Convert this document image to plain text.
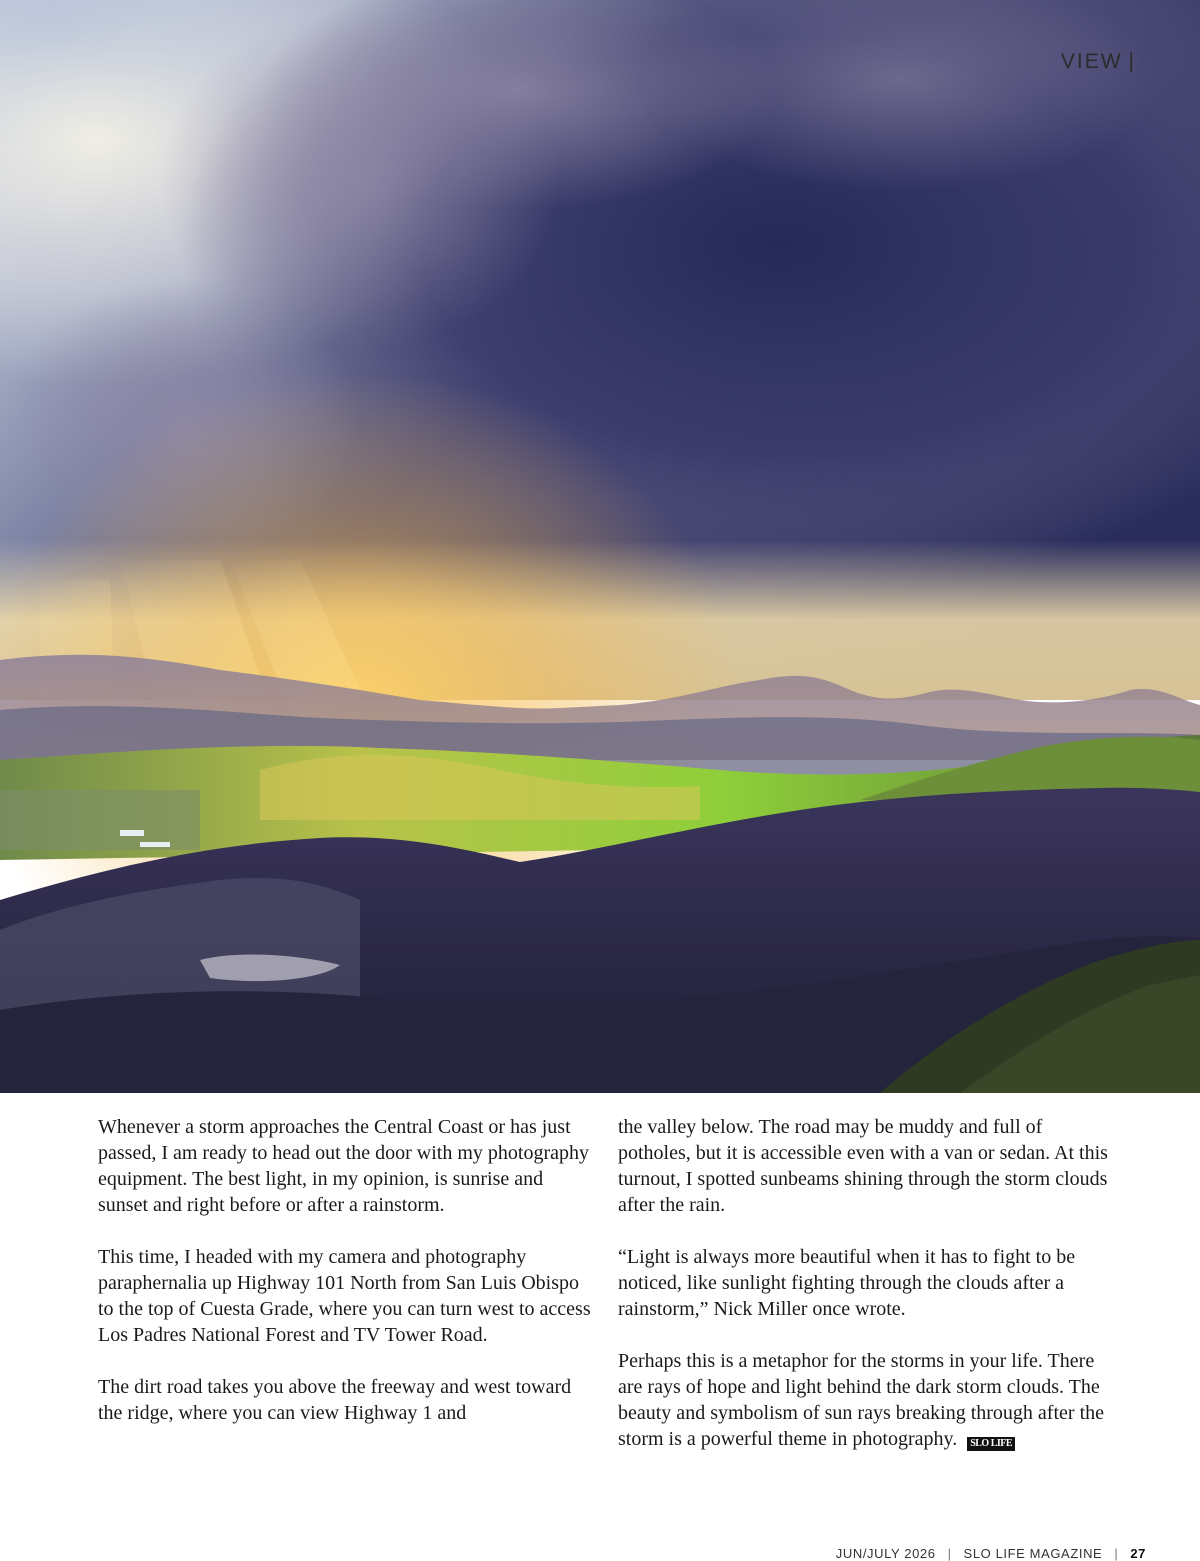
VIEW |

Whenever a storm approaches the Central Coast or has just passed, I am ready to head out the door with my photography equipment. The best light, in my opinion, is sunrise and sunset and right before or after a rainstorm.

This time, I headed with my camera and photography paraphernalia up Highway 101 North from San Luis Obispo to the top of Cuesta Grade, where you can turn west to access Los Padres National Forest and TV Tower Road.

The dirt road takes you above the freeway and west toward the ridge, where you can view Highway 1 and

the valley below. The road may be muddy and full of potholes, but it is accessible even with a van or sedan. At this turnout, I spotted sunbeams shining through the storm clouds after the rain.

“Light is always more beautiful when it has to fight to be noticed, like sunlight fighting through the clouds after a rainstorm,” Nick Miller once wrote.

Perhaps this is a metaphor for the storms in your life. There are rays of hope and light behind the dark storm clouds. The beauty and symbolism of sun rays breaking through after the storm is a powerful theme in photography. SLO LIFE

JUN/JULY 2026 | SLO LIFE MAGAZINE | 27
